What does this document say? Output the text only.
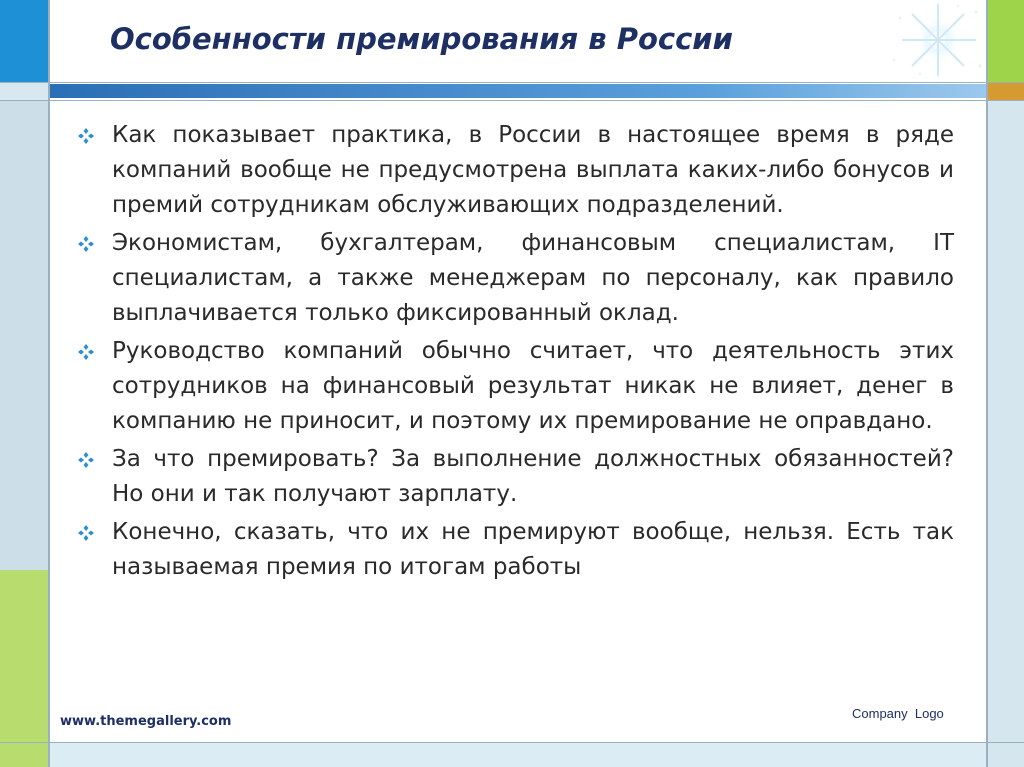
Особенности премирования в России
Как показывает практика, в России в настоящее время в ряде компаний вообще не предусмотрена выплата каких-либо бонусов и премий сотрудникам обслуживающих подразделений.
Экономистам, бухгалтерам, финансовым специалистам, IT специалистам, а также менеджерам по персоналу, как правило выплачивается только фиксированный оклад.
Руководство компаний обычно считает, что деятельность этих сотрудников на финансовый результат никак не влияет, денег в компанию не приносит, и поэтому их премирование не оправдано.
За что премировать? За выполнение должностных обязанностей? Но они и так получают зарплату.
Конечно, сказать, что их не премируют вообще, нельзя. Есть так называемая премия по итогам работы
www.themegallery.com
Company  Logo
